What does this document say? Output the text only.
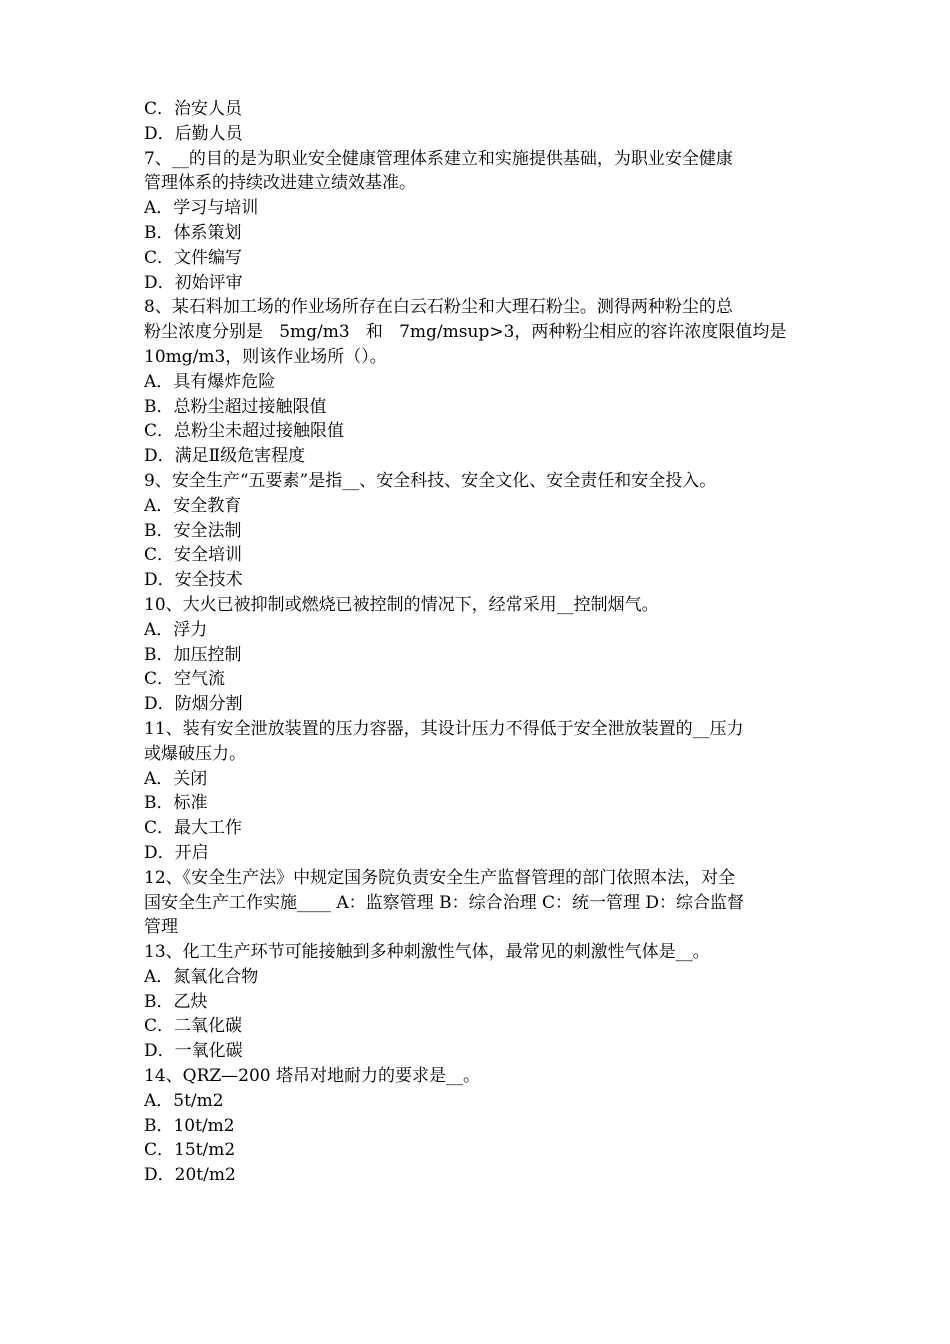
C．治安人员
D．后勤人员
7、__的目的是为职业安全健康管理体系建立和实施提供基础，为职业安全健康
管理体系的持续改进建立绩效基准。
A．学习与培训
B．体系策划
C．文件编写
D．初始评审
8、某石料加工场的作业场所存在白云石粉尘和大理石粉尘。测得两种粉尘的总
粉尘浓度分别是   5mg/m3   和   7mg/msup>3，两种粉尘相应的容许浓度限值均是
10mg/m3，则该作业场所（）。
A．具有爆炸危险
B．总粉尘超过接触限值
C．总粉尘未超过接触限值
D．满足Ⅱ级危害程度
9、安全生产“五要素”是指__、安全科技、安全文化、安全责任和安全投入。
A．安全教育
B．安全法制
C．安全培训
D．安全技术
10、大火已被抑制或燃烧已被控制的情况下，经常采用__控制烟气。
A．浮力
B．加压控制
C．空气流
D．防烟分割
11、装有安全泄放装置的压力容器，其设计压力不得低于安全泄放装置的__压力
或爆破压力。
A．关闭
B．标准
C．最大工作
D．开启
12、《安全生产法》中规定国务院负责安全生产监督管理的部门依照本法，对全
国安全生产工作实施____ A：监察管理 B：综合治理 C：统一管理 D：综合监督
管理
13、化工生产环节可能接触到多种刺激性气体，最常见的刺激性气体是__。
A．氮氧化合物
B．乙炔
C．二氧化碳
D．一氧化碳
14、QRZ—200 塔吊对地耐力的要求是__。
A．5t/m2
B．10t/m2
C．15t/m2
D．20t/m2
